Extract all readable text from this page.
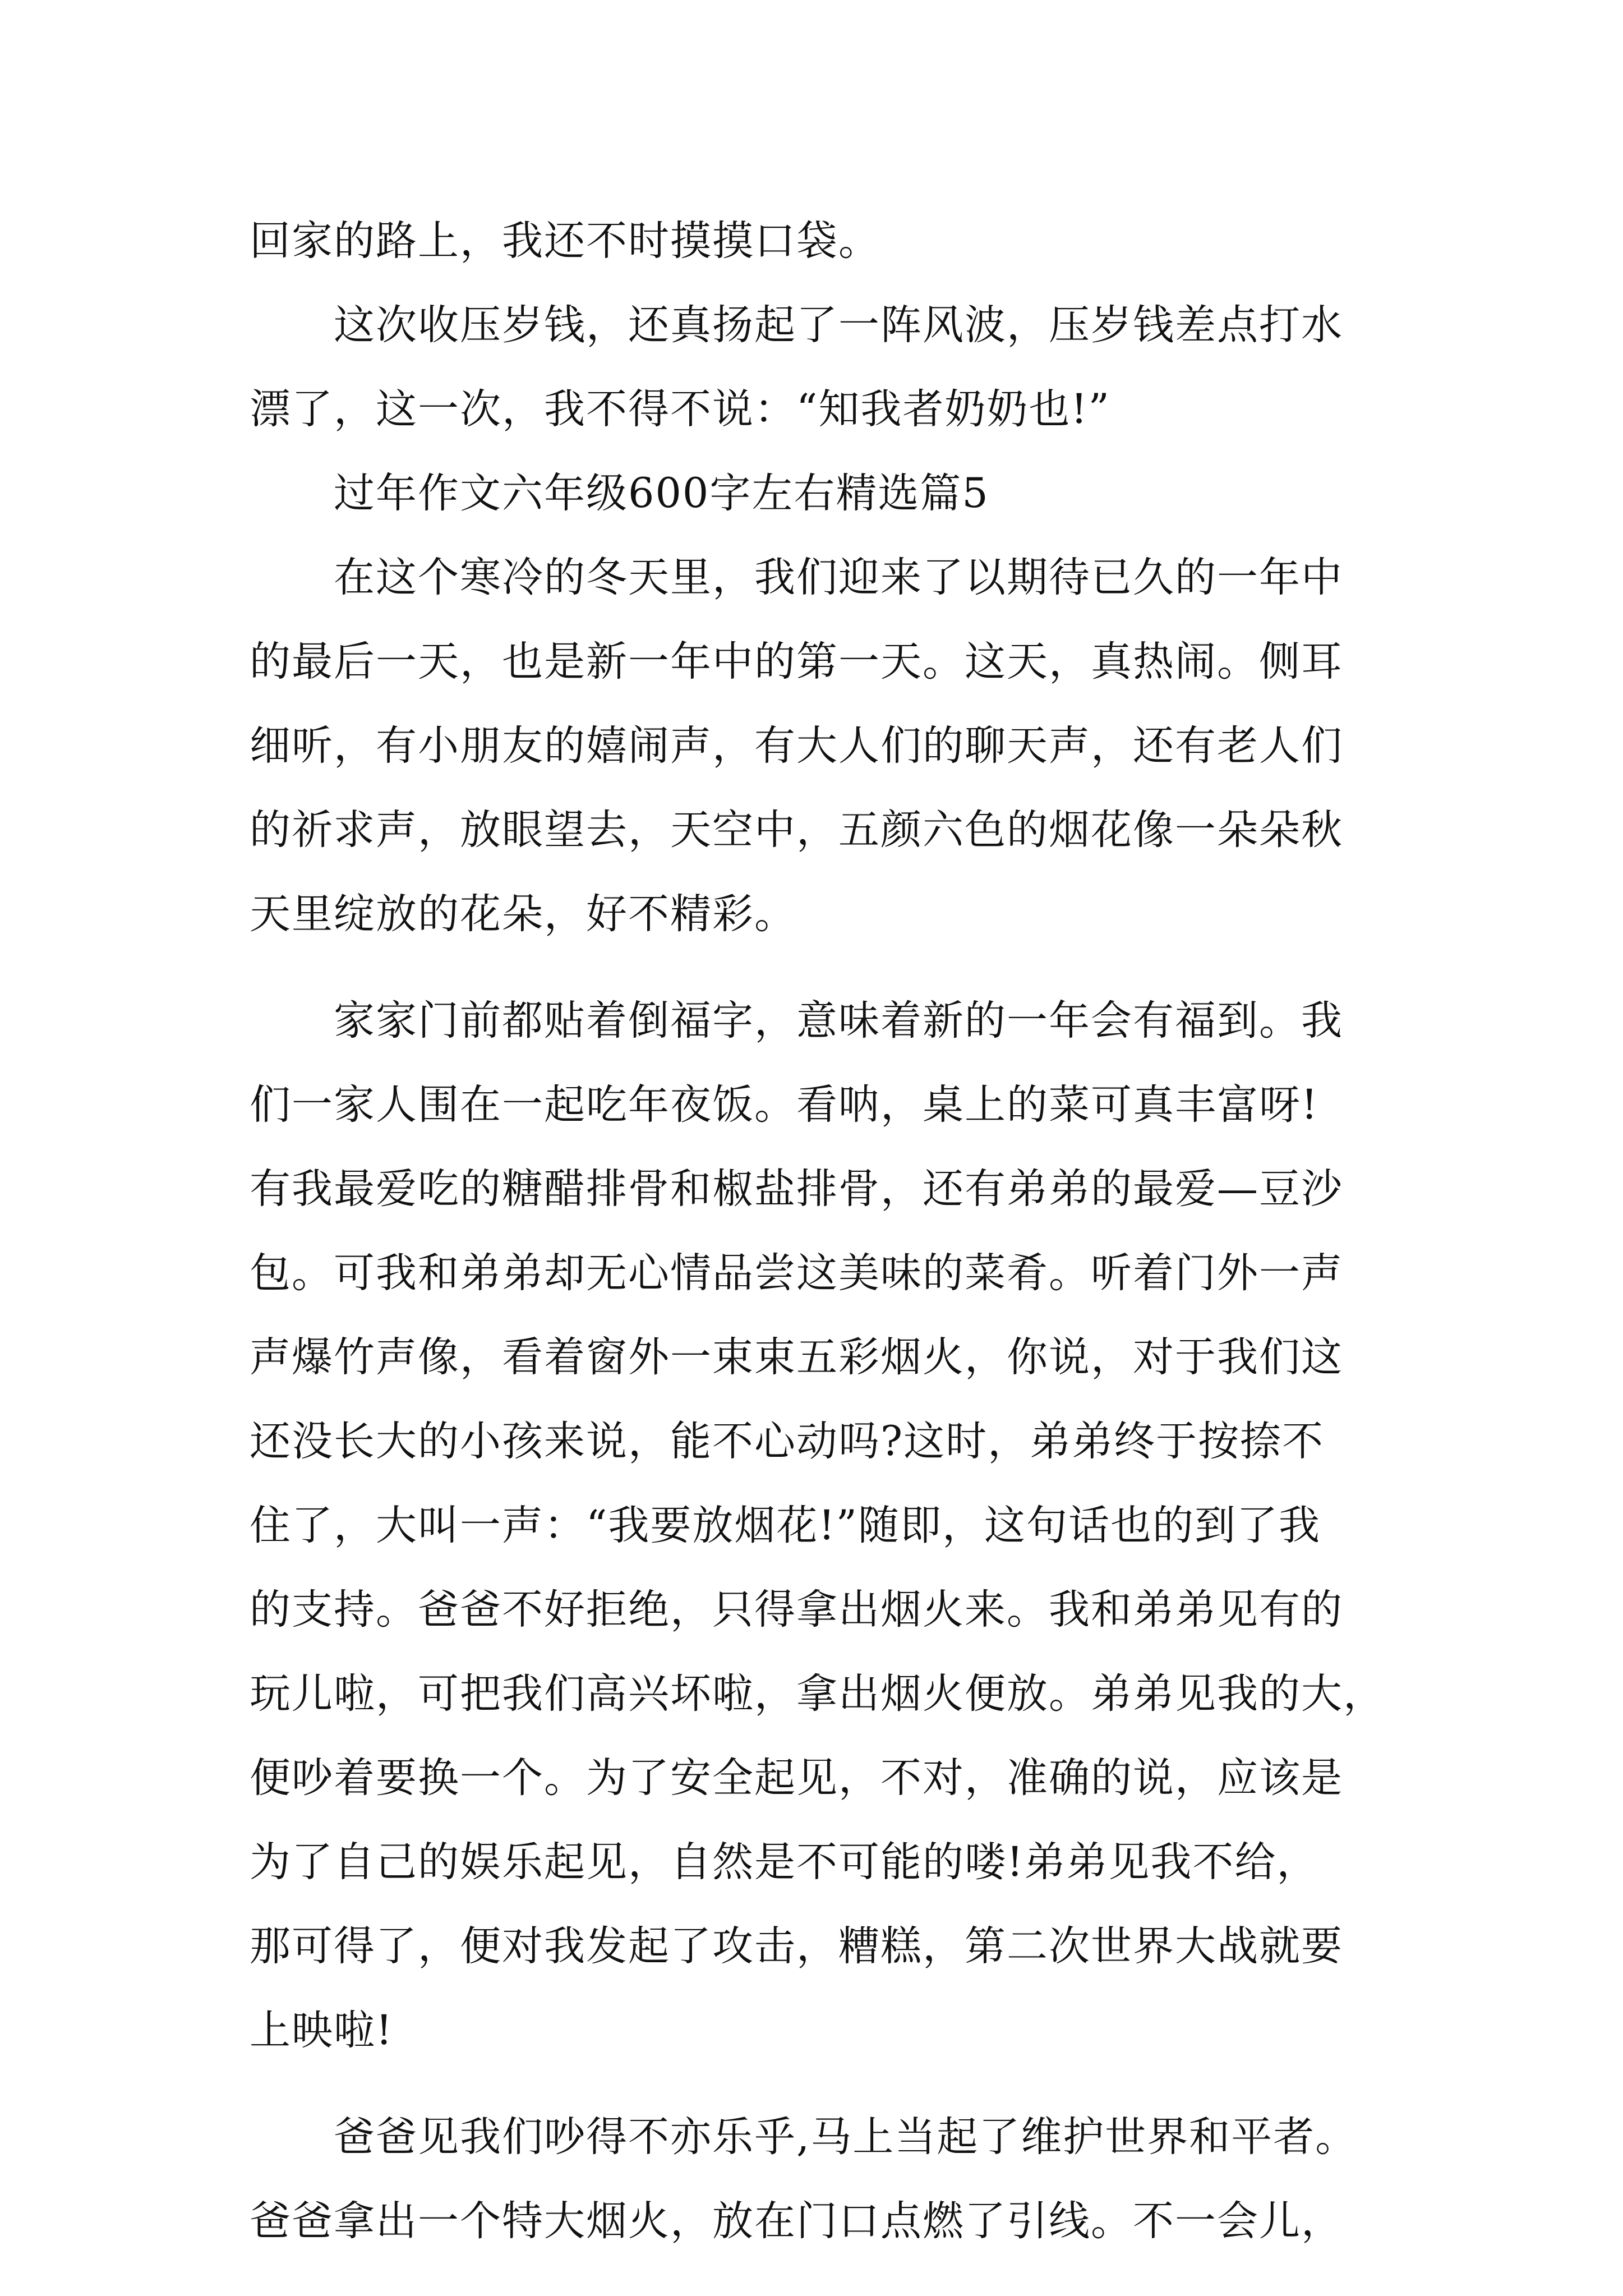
回家的路上，我还不时摸摸口袋。
这次收压岁钱，还真扬起了一阵风波，压岁钱差点打水
漂了，这一次，我不得不说：“知我者奶奶也!”
过年作文六年级600字左右精选篇5
在这个寒冷的冬天里，我们迎来了以期待已久的一年中
的最后一天，也是新一年中的第一天。这天，真热闹。侧耳
细听，有小朋友的嬉闹声，有大人们的聊天声，还有老人们
的祈求声，放眼望去，天空中，五颜六色的烟花像一朵朵秋
天里绽放的花朵，好不精彩。
家家门前都贴着倒福字，意味着新的一年会有福到。我
们一家人围在一起吃年夜饭。看呐，桌上的菜可真丰富呀!
有我最爱吃的糖醋排骨和椒盐排骨，还有弟弟的最爱—豆沙
包。可我和弟弟却无心情品尝这美味的菜肴。听着门外一声
声爆竹声像，看着窗外一束束五彩烟火，你说，对于我们这
还没长大的小孩来说，能不心动吗?这时，弟弟终于按捺不
住了，大叫一声：“我要放烟花!”随即，这句话也的到了我
的支持。爸爸不好拒绝，只得拿出烟火来。我和弟弟见有的
玩儿啦，可把我们高兴坏啦，拿出烟火便放。弟弟见我的大，
便吵着要换一个。为了安全起见，不对，准确的说，应该是
为了自己的娱乐起见，自然是不可能的喽!弟弟见我不给，
那可得了，便对我发起了攻击，糟糕，第二次世界大战就要
上映啦!
爸爸见我们吵得不亦乐乎,马上当起了维护世界和平者。
爸爸拿出一个特大烟火，放在门口点燃了引线。不一会儿，
